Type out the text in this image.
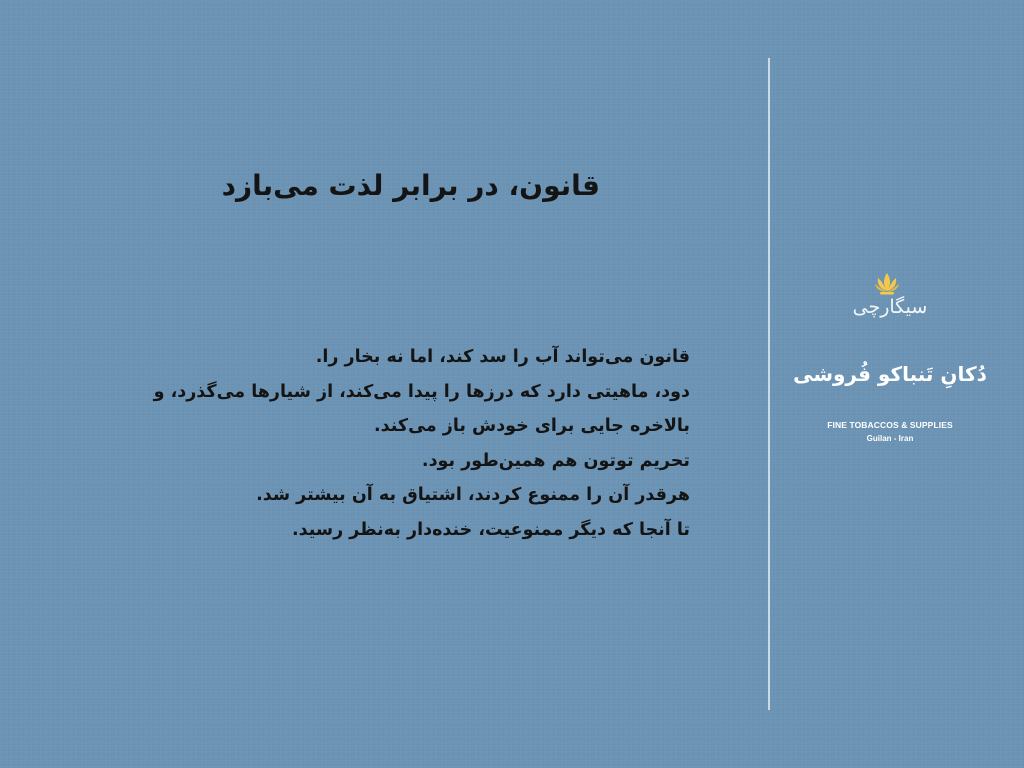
قانون، در برابر لذت می‌بازد
قانون می‌تواند آب را سد کند، اما نه بخار را.
دود، ماهیتی دارد که درزها را پیدا می‌کند، از شیارها می‌گذرد، و
بالاخره جایی برای خودش باز می‌کند.
تحریم توتون هم همین‌طور بود.
هرقدر آن را ممنوع کردند، اشتیاق به آن بیشتر شد.
تا آنجا که دیگر ممنوعیت، خنده‌دار به‌نظر رسید.
سیگارچی
دُکانِ تَنباکو فُروشی
FINE TOBACCOS & SUPPLIES
Guilan - Iran
